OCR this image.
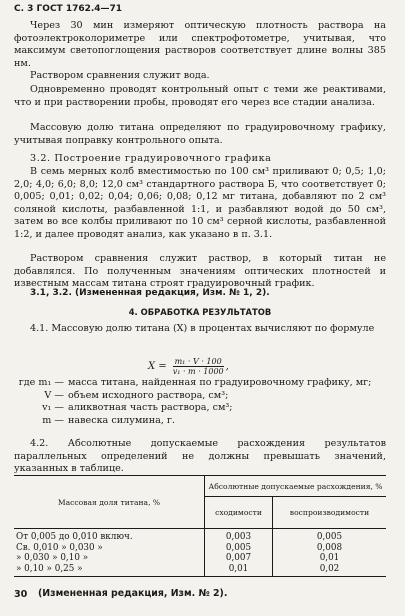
С. 3 ГОСТ 1762.4—71
Через 30 мин измеряют оптическую плотность раствора на фотоэлектроколориметре или спектрофотометре, учитывая, что максимум светопоглощения растворов соответствует длине волны 385 нм.
Раствором сравнения служит вода.
Одновременно проводят контрольный опыт с теми же реактивами, что и при растворении пробы, проводят его через все стадии анализа.
Массовую долю титана определяют по градуировочному графику, учитывая поправку контрольного опыта.
3.2. Построение градуировочного графика
В семь мерных колб вместимостью по 100 см³ приливают 0; 0,5; 1,0; 2,0; 4,0; 6,0; 8,0; 12,0 см³ стандартного раствора Б, что соответствует 0; 0,005; 0,01; 0,02; 0,04; 0,06; 0,08; 0,12 мг титана, добавляют по 2 см³ соляной кислоты, разбавленной 1:1, и разбавляют водой до 50 см³, затем во все колбы приливают по 10 см³ серной кислоты, разбавленной 1:2, и далее проводят анализ, как указано в п. 3.1.
Раствором сравнения служит раствор, в который титан не добавлялся. По полученным значениям оптических плотностей и известным массам титана строят градуировочный график.
3.1, 3.2. (Измененная редакция, Изм. № 1, 2).
4. ОБРАБОТКА РЕЗУЛЬТАТОВ
4.1. Массовую долю титана (X) в процентах вычисляют по формуле
$X = \frac{\text{m₁ · V · 100}}{\text{v₁ · m · 1000}}$ ,
где m₁ — масса титана, найденная по градуировочному графику, мг;
V — объем исходного раствора, см³;
v₁ — аликвотная часть раствора, см³;
m — навеска силумина, г.
4.2. Абсолютные допускаемые расхождения результатов параллельных определений не должны превышать значений, указанных в таблице.
Массовая доля титана, %	Абсолютные допускаемые расхождения, %	
	сходимости	воспроизводимости
От 0,005 до 0,010 включ.	0,003	0,005
Св. 0,010 » 0,030 »	0,005	0,008
» 0,030 » 0,10 »	0,007	0,01
» 0,10 » 0,25 »	0,01	0,02
30 (Измененная редакция, Изм. № 2).
